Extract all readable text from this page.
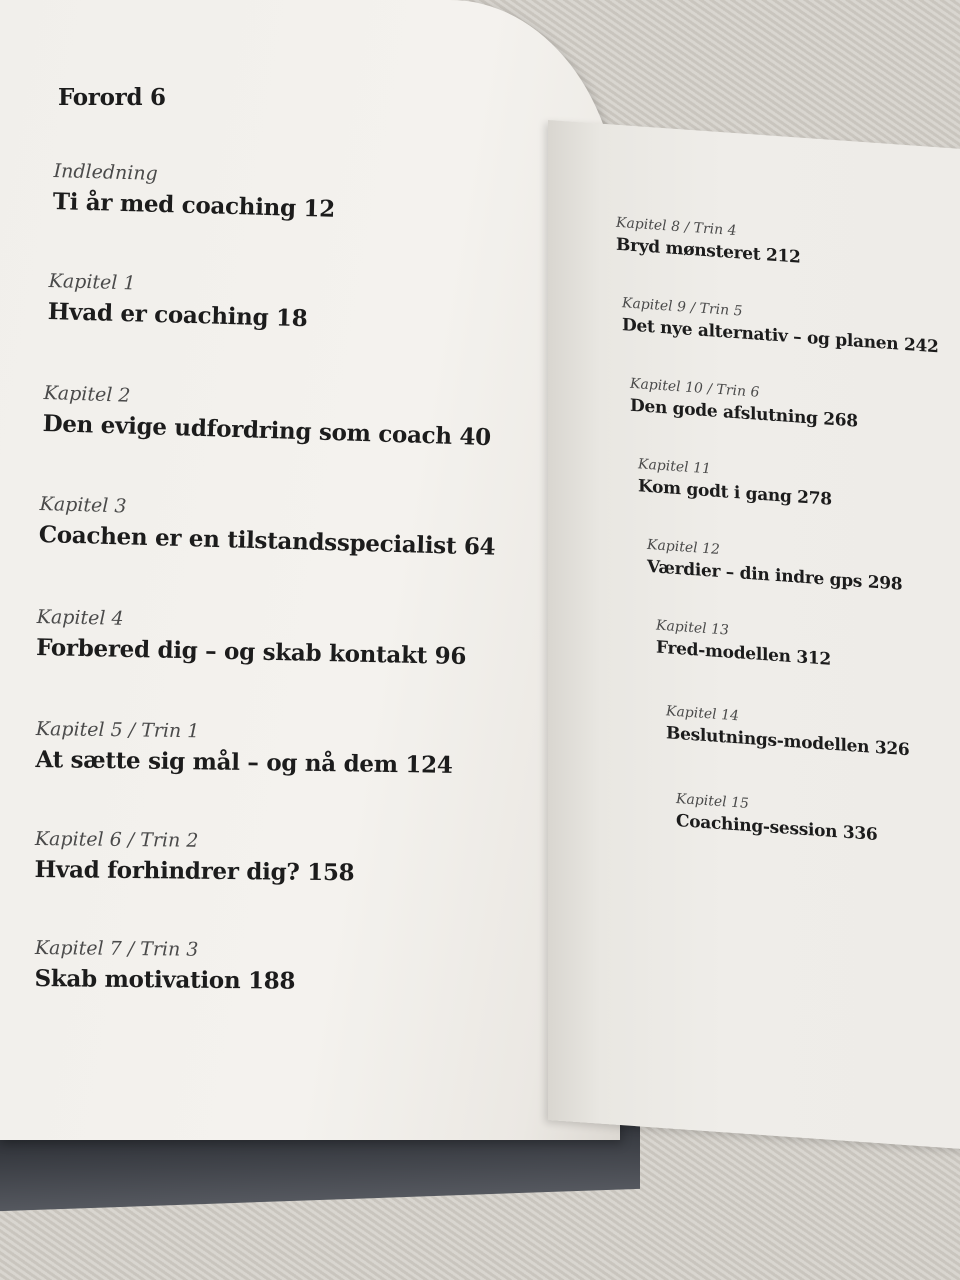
​
Forord 6
Indledning
Ti år med coaching 12
Kapitel 1
Hvad er coaching 18
Kapitel 2
Den evige udfordring som coach 40
Kapitel 3
Coachen er en tilstandsspecialist 64
Kapitel 4
Forbered dig – og skab kontakt 96
Kapitel 5 / Trin 1
At sætte sig mål – og nå dem 124
Kapitel 6 / Trin 2
Hvad forhindrer dig? 158
Kapitel 7 / Trin 3
Skab motivation 188
Kapitel 8 / Trin 4
Bryd mønsteret 212
Kapitel 9 / Trin 5
Det nye alternativ – og planen 242
Kapitel 10 / Trin 6
Den gode afslutning 268
Kapitel 11
Kom godt i gang 278
Kapitel 12
Værdier – din indre gps 298
Kapitel 13
Fred-modellen 312
Kapitel 14
Beslutnings-modellen 326
Kapitel 15
Coaching-session 336
